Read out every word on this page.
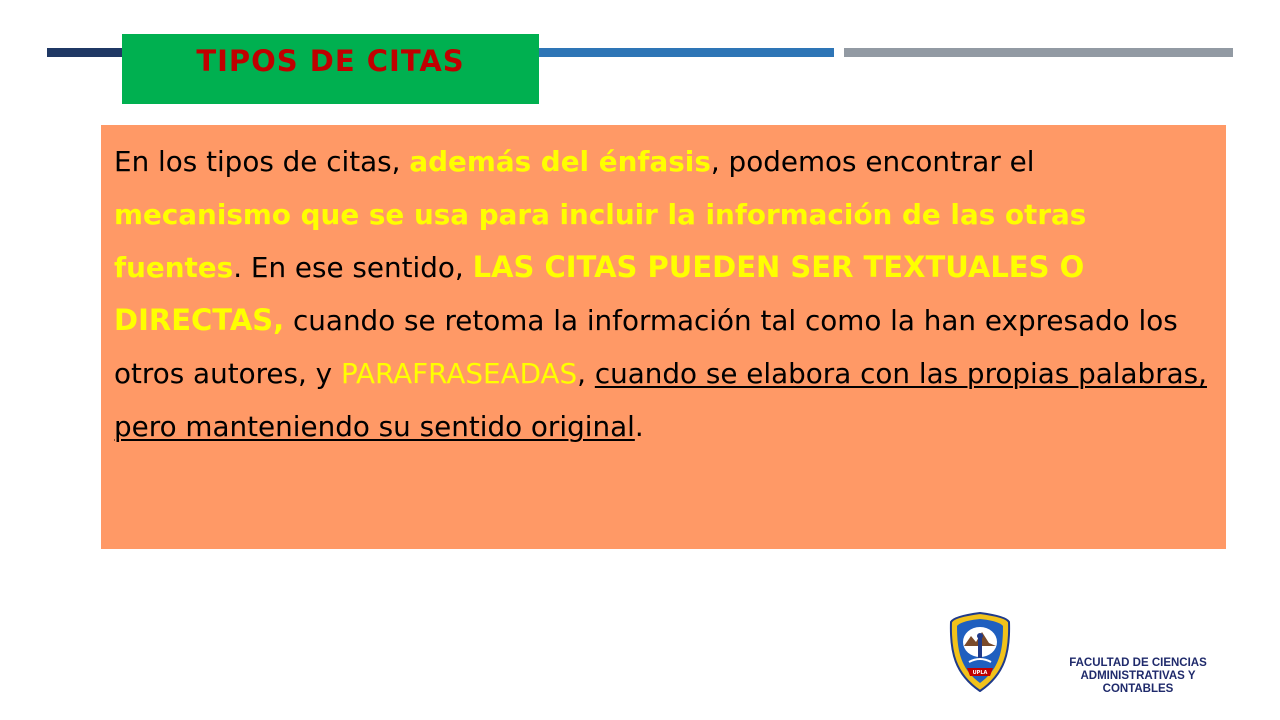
TIPOS DE CITAS

En los tipos de citas, además del énfasis, podemos encontrar el mecanismo que se usa para incluir la información de las otras fuentes. En ese sentido, LAS CITAS PUEDEN SER TEXTUALES O DIRECTAS, cuando se retoma la información tal como la han expresado los otros autores, y PARAFRASEADAS, cuando se elabora con las propias palabras, pero manteniendo su sentido original.

UPLA
FACULTAD DE CIENCIAS
ADMINISTRATIVAS Y
CONTABLES
